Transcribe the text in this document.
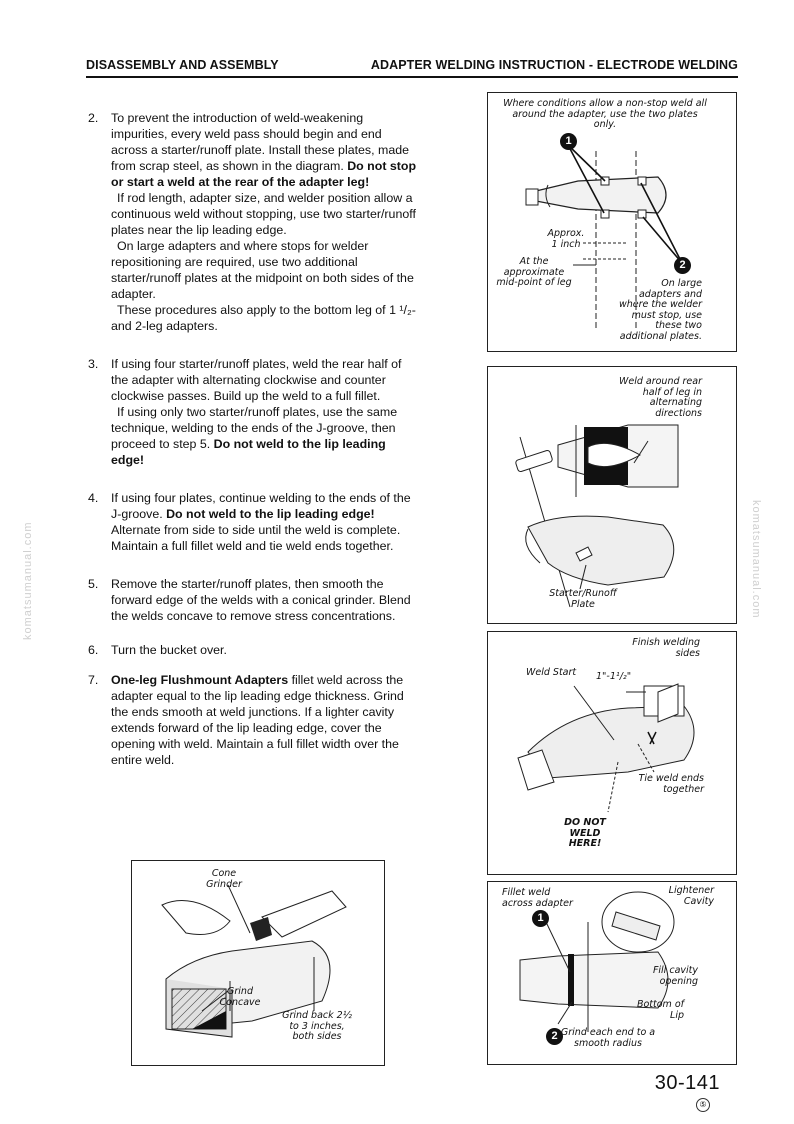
DISASSEMBLY AND ASSEMBLY	ADAPTER WELDING INSTRUCTION - ELECTRODE WELDING
komatsumanual.com	komatsumanual.com
2. To prevent the introduction of weld-weakening impurities, every weld pass should begin and end across a starter/runoff plate. Install these plates, made from scrap steel, as shown in the diagram. Do not stop or start a weld at the rear of the adapter leg!

If rod length, adapter size, and welder position allow a continuous weld without stopping, use two starter/runoff plates near the lip leading edge.

On large adapters and where stops for welder repositioning are required, use two additional starter/runoff plates at the midpoint on both sides of the adapter.

These procedures also apply to the bottom leg of 1 ¹/₂- and 2-leg adapters.

3. If using four starter/runoff plates, weld the rear half of the adapter with alternating clockwise and counter clockwise passes. Build up the weld to a full fillet.

If using only two starter/runoff plates, use the same technique, welding to the ends of the J-groove, then proceed to step 5. Do not weld to the lip leading edge!

4. If using four plates, continue welding to the ends of the J-groove. Do not weld to the lip leading edge! Alternate from side to side until the weld is complete. Maintain a full fillet weld and tie weld ends together.

5. Remove the starter/runoff plates, then smooth the forward edge of the welds with a conical grinder. Blend the welds concave to remove stress concentrations.

6. Turn the bucket over.

7. One-leg Flushmount Adapters fillet weld across the adapter equal to the lip leading edge thickness. Grind the ends smooth at weld junctions. If a lighter cavity extends forward of the lip leading edge, cover the opening with weld. Maintain a full fillet width over the entire weld.

Where conditions allow a non-stop weld all around the adapter, use the two plates only.
1
2
Approx. 1 inch
At the approximate mid-point of leg	On large adapters and where the welder must stop, use these two additional plates.
Weld around rear half of leg in alternating directions
Starter/Runoff Plate
Finish welding sides
Weld Start	1"-1¹/₂"
Tie weld ends together
DO NOT WELD HERE!
Fillet weld across adapter
Lightener Cavity
1
2
Fill cavity opening
Bottom of Lip
Grind each end to a smooth radius
Cone Grinder
Grind Concave
Grind back 2½ to 3 inches, both sides
30-141
⑤
